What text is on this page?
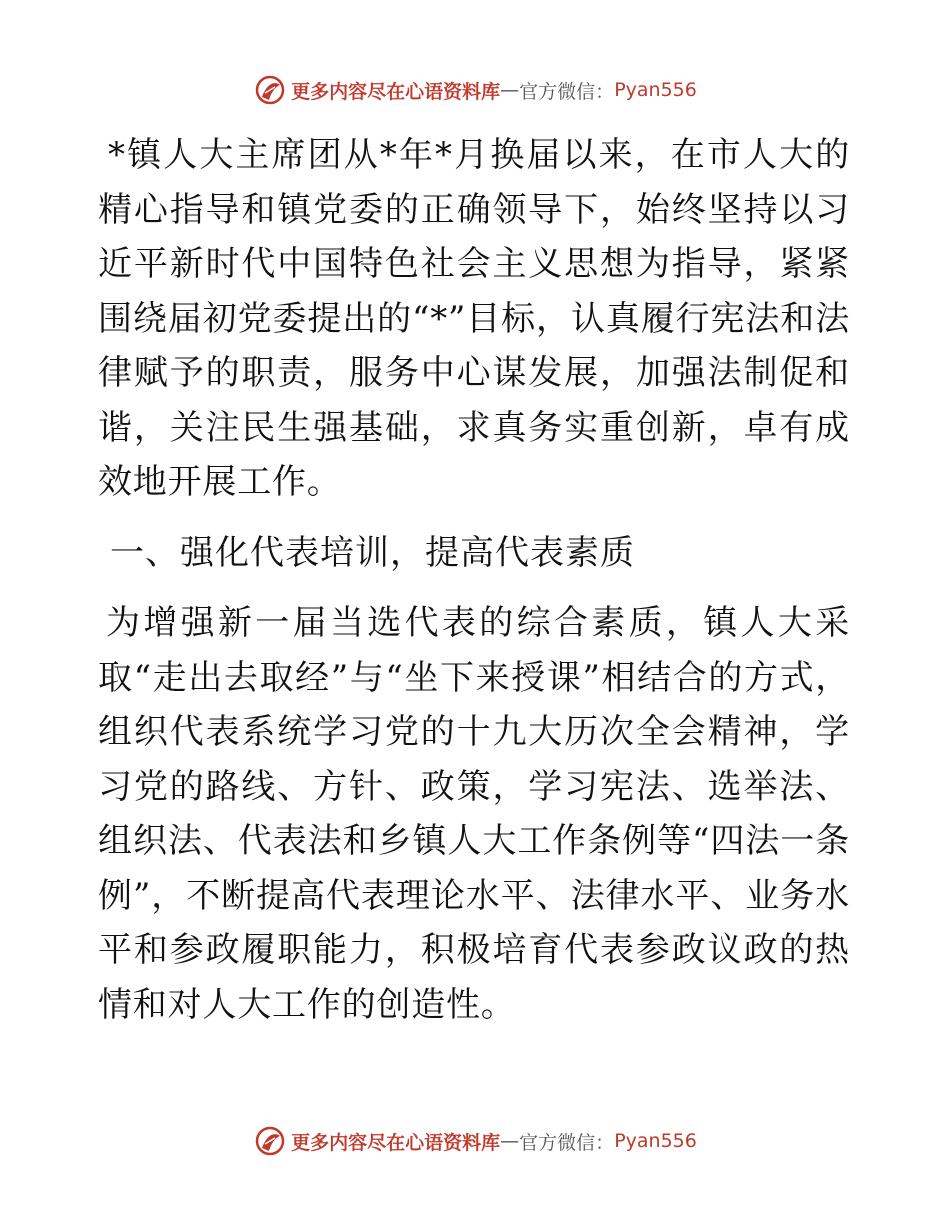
更多内容尽在心语资料库 — 官方微信： Pyan556

*镇人大主席团从*年*月换届以来，在市人大的精心指导和镇党委的正确领导下，始终坚持以习近平新时代中国特色社会主义思想为指导，紧紧围绕届初党委提出的“*”目标，认真履行宪法和法律赋予的职责，服务中心谋发展，加强法制促和谐，关注民生强基础，求真务实重创新，卓有成效地开展工作。

一、强化代表培训，提高代表素质

为增强新一届当选代表的综合素质，镇人大采取“走出去取经”与“坐下来授课”相结合的方式，组织代表系统学习党的十九大历次全会精神，学习党的路线、方针、政策，学习宪法、选举法、组织法、代表法和乡镇人大工作条例等“四法一条例”，不断提高代表理论水平、法律水平、业务水平和参政履职能力，积极培育代表参政议政的热情和对人大工作的创造性。

更多内容尽在心语资料库 — 官方微信： Pyan556
